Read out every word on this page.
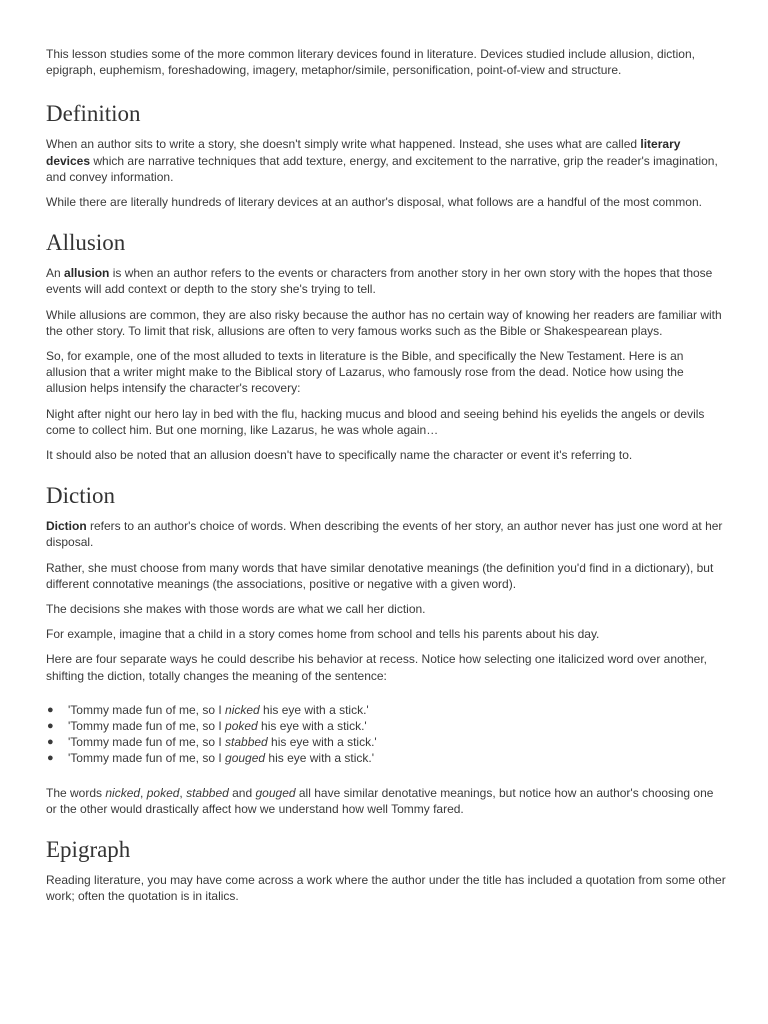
This lesson studies some of the more common literary devices found in literature. Devices studied include allusion, diction, epigraph, euphemism, foreshadowing, imagery, metaphor/simile, personification, point-of-view and structure.

Definition

When an author sits to write a story, she doesn't simply write what happened. Instead, she uses what are called literary devices which are narrative techniques that add texture, energy, and excitement to the narrative, grip the reader's imagination, and convey information.

While there are literally hundreds of literary devices at an author's disposal, what follows are a handful of the most common.

Allusion

An allusion is when an author refers to the events or characters from another story in her own story with the hopes that those events will add context or depth to the story she's trying to tell.

While allusions are common, they are also risky because the author has no certain way of knowing her readers are familiar with the other story. To limit that risk, allusions are often to very famous works such as the Bible or Shakespearean plays.

So, for example, one of the most alluded to texts in literature is the Bible, and specifically the New Testament. Here is an allusion that a writer might make to the Biblical story of Lazarus, who famously rose from the dead. Notice how using the allusion helps intensify the character's recovery:

Night after night our hero lay in bed with the flu, hacking mucus and blood and seeing behind his eyelids the angels or devils come to collect him. But one morning, like Lazarus, he was whole again…

It should also be noted that an allusion doesn't have to specifically name the character or event it's referring to.

Diction

Diction refers to an author's choice of words. When describing the events of her story, an author never has just one word at her disposal.

Rather, she must choose from many words that have similar denotative meanings (the definition you'd find in a dictionary), but different connotative meanings (the associations, positive or negative with a given word).

The decisions she makes with those words are what we call her diction.

For example, imagine that a child in a story comes home from school and tells his parents about his day.

Here are four separate ways he could describe his behavior at recess. Notice how selecting one italicized word over another, shifting the diction, totally changes the meaning of the sentence:

● 'Tommy made fun of me, so I nicked his eye with a stick.'
● 'Tommy made fun of me, so I poked his eye with a stick.'
● 'Tommy made fun of me, so I stabbed his eye with a stick.'
● 'Tommy made fun of me, so I gouged his eye with a stick.'

The words nicked, poked, stabbed and gouged all have similar denotative meanings, but notice how an author's choosing one or the other would drastically affect how we understand how well Tommy fared.

Epigraph

Reading literature, you may have come across a work where the author under the title has included a quotation from some other work; often the quotation is in italics.
